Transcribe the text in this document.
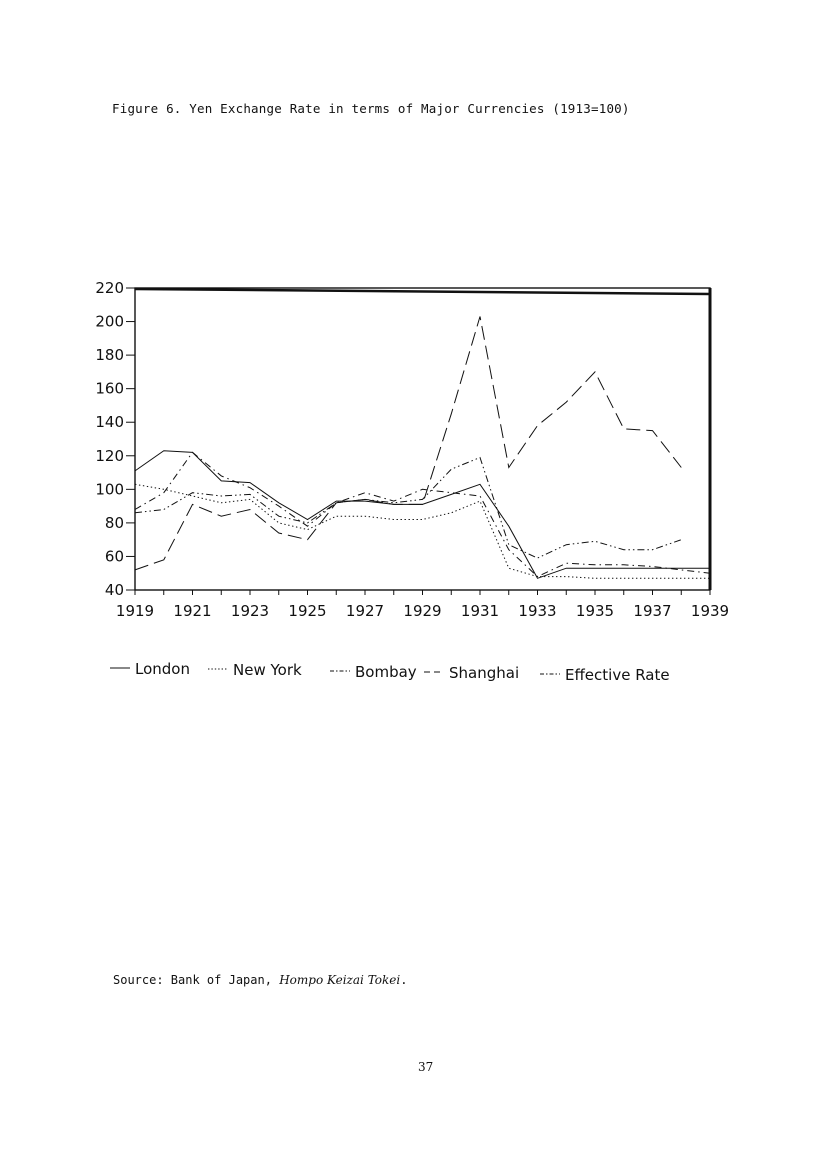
Figure 6. Yen Exchange Rate in terms of Major Currencies (1913=100)
40
60
80
100
120
140
160
180
200
220
1919 1921 1923 1925 1927 1929 1931 1933 1935 1937 1939
London	New York	Bombay Shanghai	Effective Rate
Source: Bank of Japan, Hompo Keizai Tokei.
37
